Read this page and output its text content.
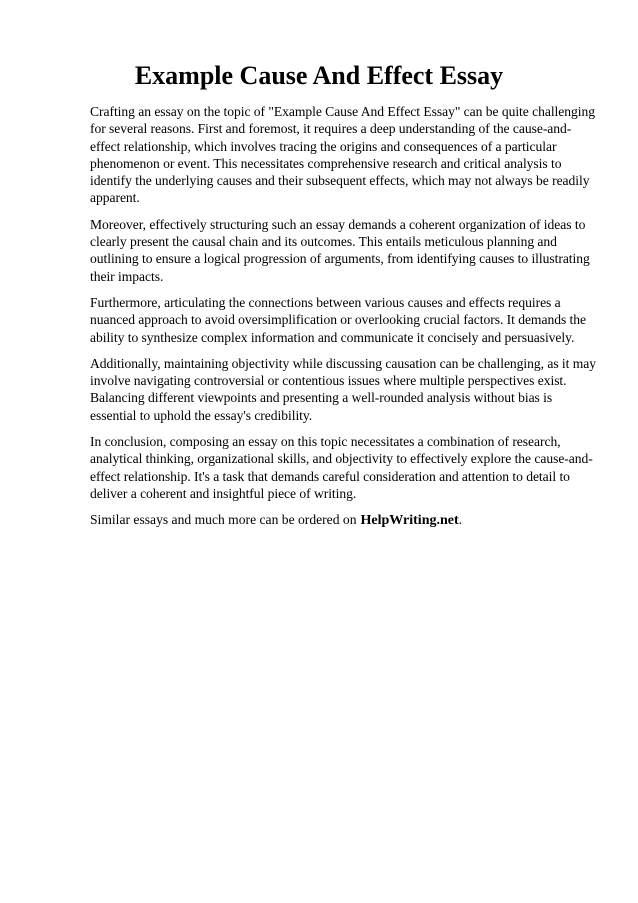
Example Cause And Effect Essay

Crafting an essay on the topic of "Example Cause And Effect Essay" can be quite challenging for several reasons. First and foremost, it requires a deep understanding of the cause-and-effect relationship, which involves tracing the origins and consequences of a particular phenomenon or event. This necessitates comprehensive research and critical analysis to identify the underlying causes and their subsequent effects, which may not always be readily apparent.

Moreover, effectively structuring such an essay demands a coherent organization of ideas to clearly present the causal chain and its outcomes. This entails meticulous planning and outlining to ensure a logical progression of arguments, from identifying causes to illustrating their impacts.

Furthermore, articulating the connections between various causes and effects requires a nuanced approach to avoid oversimplification or overlooking crucial factors. It demands the ability to synthesize complex information and communicate it concisely and persuasively.

Additionally, maintaining objectivity while discussing causation can be challenging, as it may involve navigating controversial or contentious issues where multiple perspectives exist. Balancing different viewpoints and presenting a well-rounded analysis without bias is essential to uphold the essay's credibility.

In conclusion, composing an essay on this topic necessitates a combination of research, analytical thinking, organizational skills, and objectivity to effectively explore the cause-and-effect relationship. It's a task that demands careful consideration and attention to detail to deliver a coherent and insightful piece of writing.

Similar essays and much more can be ordered on HelpWriting.net.
